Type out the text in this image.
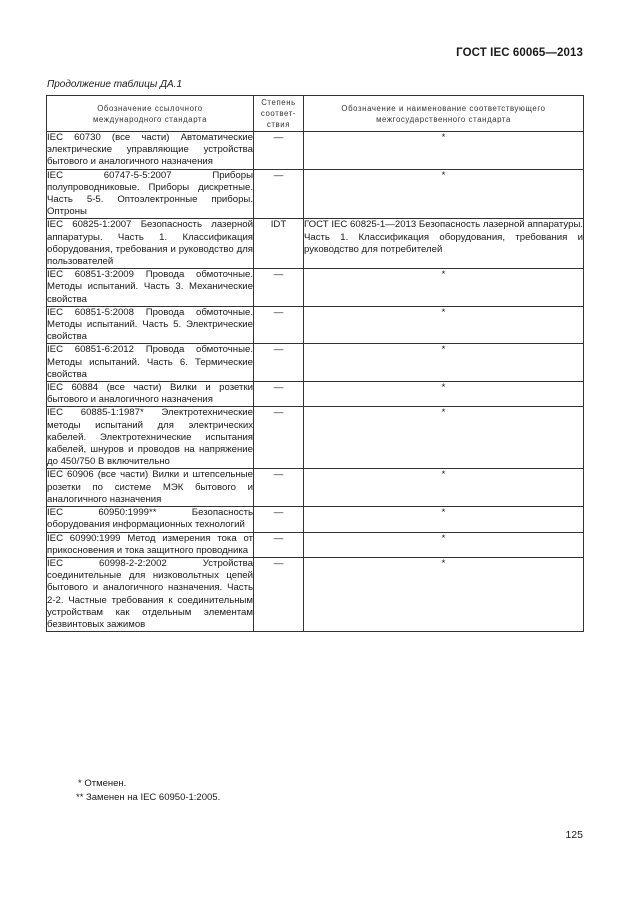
ГОСТ IEC 60065—2013
Продолжение таблицы ДА.1
Обозначение ссылочного международного стандарта	Степень соответ- ствия	Обозначение и наименование соответствующего межгосударственного стандарта
IEC 60730 (все части) Автоматические электрические управляющие устройства бытового и аналогичного назначения	—	*
IEC 60747-5-5:2007 Приборы полупроводниковые. Приборы дискретные. Часть 5-5. Оптоэлектронные приборы. Оптроны	—	*
IEC 60825-1:2007 Безопасность лазерной аппаратуры. Часть 1. Классификация оборудования, требования и руководство для пользователей	IDT	ГОСТ IEC 60825-1—2013 Безопасность лазерной аппаратуры. Часть 1. Классификация оборудования, требования и руководство для потребителей
IEC 60851-3:2009 Провода обмоточные. Методы испытаний. Часть 3. Механические свойства	—	*
IEC 60851-5:2008 Провода обмоточные. Методы испытаний. Часть 5. Электрические свойства	—	*
IEC 60851-6:2012 Провода обмоточные. Методы испытаний. Часть 6. Термические свойства	—	*
IEC 60884 (все части) Вилки и розетки бытового и аналогичного назначения	—	*
IEC 60885-1:1987* Электротехнические методы испытаний для электрических кабелей. Электротехнические испытания кабелей, шнуров и проводов на напряжение до 450/750 В включительно	—	*
IEC 60906 (все части) Вилки и штепсельные розетки по системе МЭК бытового и аналогичного назначения	—	*
IEC 60950:1999** Безопасность оборудования информационных технологий	—	*
IEC 60990:1999 Метод измерения тока от прикосновения и тока защитного проводника	—	*
IEC 60998-2-2:2002 Устройства соединительные для низковольтных цепей бытового и аналогичного назначения. Часть 2-2. Частные требования к соединительным устройствам как отдельным элементам безвинтовых зажимов	—	*
* Отменен.
** Заменен на IEC 60950-1:2005.
125
